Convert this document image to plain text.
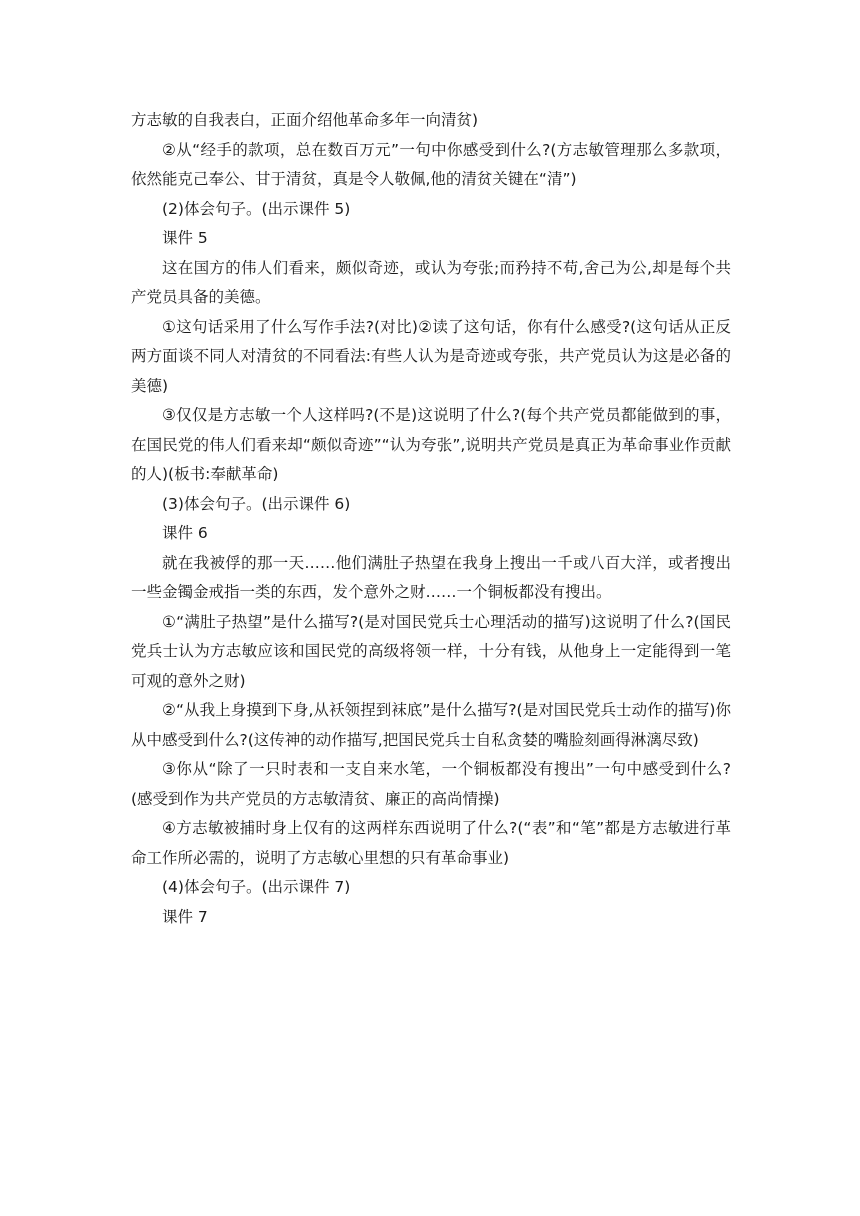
方志敏的自我表白，正面介绍他革命多年一向清贫)

②从“经手的款项，总在数百万元”一句中你感受到什么?(方志敏管理那么多款项，依然能克己奉公、甘于清贫，真是令人敬佩,他的清贫关键在“清”)

(2)体会句子。(出示课件 5)

课件 5

这在国方的伟人们看来，颇似奇迹，或认为夸张;而矜持不苟,舍己为公,却是每个共产党员具备的美德。

①这句话采用了什么写作手法?(对比)②读了这句话，你有什么感受?(这句话从正反两方面谈不同人对清贫的不同看法:有些人认为是奇迹或夸张，共产党员认为这是必备的美德)

③仅仅是方志敏一个人这样吗?(不是)这说明了什么?(每个共产党员都能做到的事，在国民党的伟人们看来却“颇似奇迹”“认为夸张”,说明共产党员是真正为革命事业作贡献的人)(板书:奉献革命)

(3)体会句子。(出示课件 6)

课件 6

就在我被俘的那一天……他们满肚子热望在我身上搜出一千或八百大洋，或者搜出一些金镯金戒指一类的东西，发个意外之财……一个铜板都没有搜出。

①“满肚子热望”是什么描写?(是对国民党兵士心理活动的描写)这说明了什么?(国民党兵士认为方志敏应该和国民党的高级将领一样，十分有钱，从他身上一定能得到一笔可观的意外之财)

②“从我上身摸到下身,从袄领捏到袜底”是什么描写?(是对国民党兵士动作的描写)你从中感受到什么?(这传神的动作描写,把国民党兵士自私贪婪的嘴脸刻画得淋漓尽致)

③你从“除了一只时表和一支自来水笔，一个铜板都没有搜出”一句中感受到什么?(感受到作为共产党员的方志敏清贫、廉正的高尚情操)

④方志敏被捕时身上仅有的这两样东西说明了什么?(“表”和“笔”都是方志敏进行革命工作所必需的，说明了方志敏心里想的只有革命事业)

(4)体会句子。(出示课件 7)

课件 7
